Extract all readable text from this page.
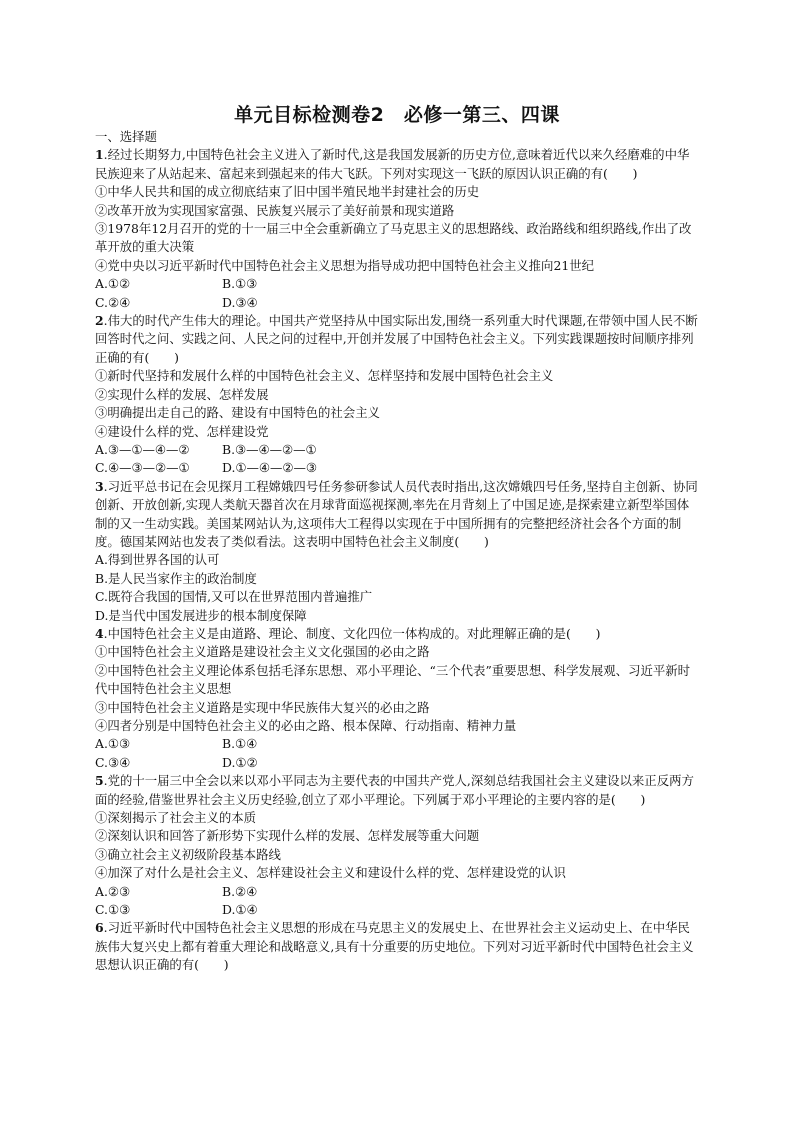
单元目标检测卷2　必修一第三、四课
一、选择题

1.经过长期努力,中国特色社会主义进入了新时代,这是我国发展新的历史方位,意味着近代以来久经磨难的中华民族迎来了从站起来、富起来到强起来的伟大飞跃。下列对实现这一飞跃的原因认识正确的有(　　)

①中华人民共和国的成立彻底结束了旧中国半殖民地半封建社会的历史

②改革开放为实现国家富强、民族复兴展示了美好前景和现实道路

③1978年12月召开的党的十一届三中全会重新确立了马克思主义的思想路线、政治路线和组织路线,作出了改革开放的重大决策

④党中央以习近平新时代中国特色社会主义思想为指导成功把中国特色社会主义推向21世纪

A.①②	B.①③
C.②④	D.③④

2.伟大的时代产生伟大的理论。中国共产党坚持从中国实际出发,围绕一系列重大时代课题,在带领中国人民不断回答时代之问、实践之问、人民之问的过程中,开创并发展了中国特色社会主义。下列实践课题按时间顺序排列正确的有(　　)

①新时代坚持和发展什么样的中国特色社会主义、怎样坚持和发展中国特色社会主义

②实现什么样的发展、怎样发展

③明确提出走自己的路、建设有中国特色的社会主义

④建设什么样的党、怎样建设党

A.③—①—④—②	B.③—④—②—①
C.④—③—②—①	D.①—④—②—③

3.习近平总书记在会见探月工程嫦娥四号任务参研参试人员代表时指出,这次嫦娥四号任务,坚持自主创新、协同创新、开放创新,实现人类航天器首次在月球背面巡视探测,率先在月背刻上了中国足迹,是探索建立新型举国体制的又一生动实践。美国某网站认为,这项伟大工程得以实现在于中国所拥有的完整把经济社会各个方面的制度。德国某网站也发表了类似看法。这表明中国特色社会主义制度(　　)

A.得到世界各国的认可

B.是人民当家作主的政治制度

C.既符合我国的国情,又可以在世界范围内普遍推广

D.是当代中国发展进步的根本制度保障

4.中国特色社会主义是由道路、理论、制度、文化四位一体构成的。对此理解正确的是(　　)

①中国特色社会主义道路是建设社会主义文化强国的必由之路

②中国特色社会主义理论体系包括毛泽东思想、邓小平理论、“三个代表”重要思想、科学发展观、习近平新时代中国特色社会主义思想

③中国特色社会主义道路是实现中华民族伟大复兴的必由之路

④四者分别是中国特色社会主义的必由之路、根本保障、行动指南、精神力量

A.①③	B.①④
C.③④	D.①②

5.党的十一届三中全会以来以邓小平同志为主要代表的中国共产党人,深刻总结我国社会主义建设以来正反两方面的经验,借鉴世界社会主义历史经验,创立了邓小平理论。下列属于邓小平理论的主要内容的是(　　)

①深刻揭示了社会主义的本质

②深刻认识和回答了新形势下实现什么样的发展、怎样发展等重大问题

③确立社会主义初级阶段基本路线

④加深了对什么是社会主义、怎样建设社会主义和建设什么样的党、怎样建设党的认识

A.②③	B.②④
C.①③	D.①④

6.习近平新时代中国特色社会主义思想的形成在马克思主义的发展史上、在世界社会主义运动史上、在中华民族伟大复兴史上都有着重大理论和战略意义,具有十分重要的历史地位。下列对习近平新时代中国特色社会主义思想认识正确的有(　　)
